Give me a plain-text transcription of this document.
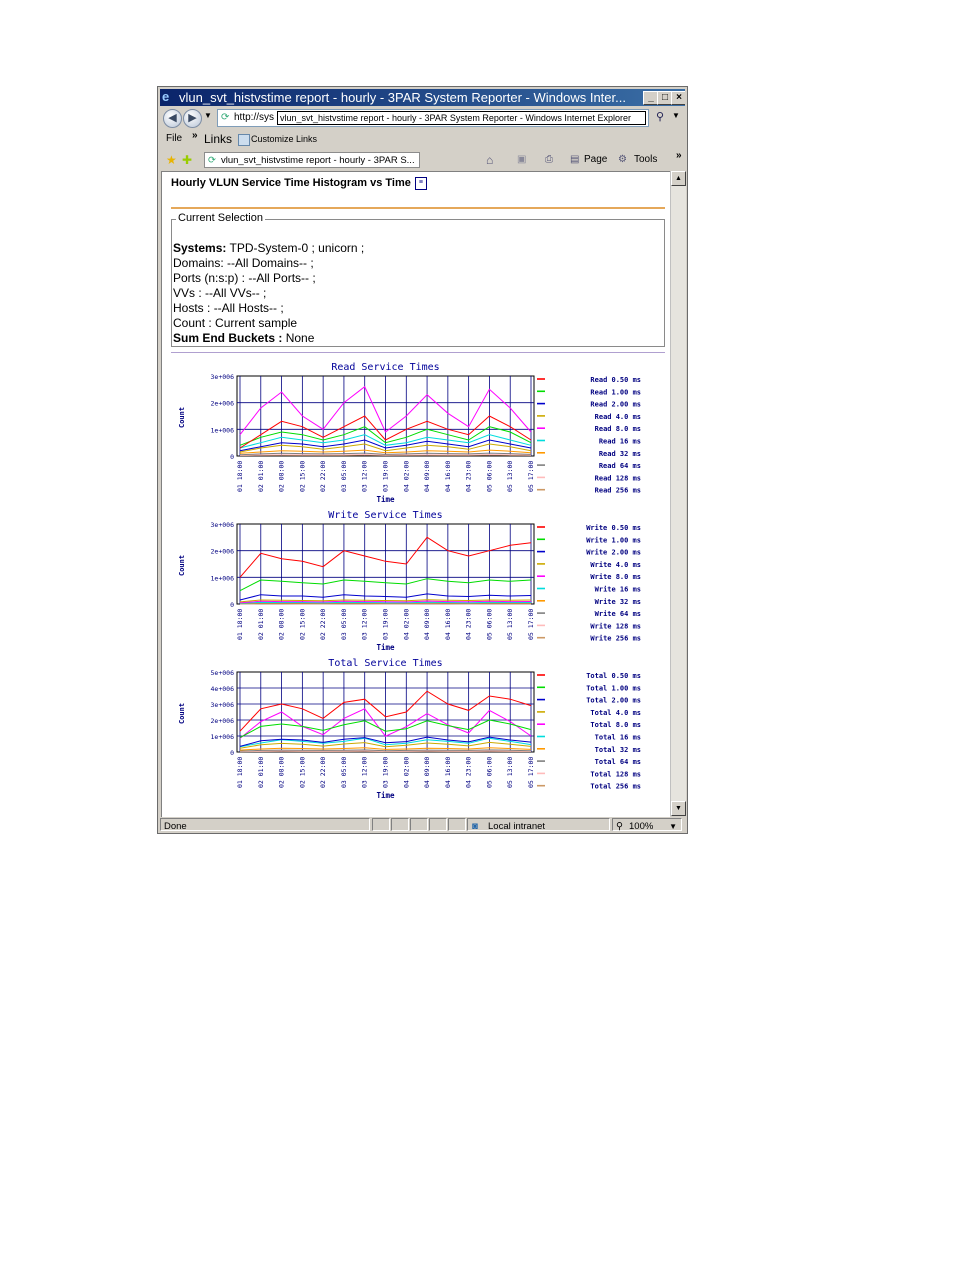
e vlun_svt_histvstime report - hourly - 3PAR System Reporter - Windows Inter...	_ □ ×
◀	▶ ▼ ⟳ http://sys vlun_svt_histvstime report - hourly - 3PAR System Reporter - Windows Internet Explorer	⚲ ▼
File » Links Customize Links
★ ✚ ⟳ vlun_svt_histvstime report - hourly - 3PAR S...	⌂ ▣ ⎙ ▤ Page ⚙ Tools »
Hourly VLUN Service Time Histogram vs Time ≡
Current Selection
Systems: TPD-System-0 ; unicorn ;
Domains: --All Domains-- ;
Ports (n:s:p) : --All Ports-- ;
VVs : --All VVs-- ;
Hosts : --All Hosts-- ;
Count : Current sample
Sum End Buckets : None
Read Service Times
3e+006
2e+006
1e+006
0
01 18:00 02 01:00 02 08:00 02 15:00 02 22:00 03 05:00 03 12:00 03 19:00 04 02:00 04 09:00 04 16:00 04 23:00 05 06:00 05 13:00 05 17:00
Count
Time
Read 0.50 ms
Read 1.00 ms
Read 2.00 ms
Read 4.0 ms
Read 8.0 ms
Read 16 ms
Read 32 ms
Read 64 ms
Read 128 ms
Read 256 ms
Write Service Times
3e+006
2e+006
1e+006
0
01 18:00 02 01:00 02 08:00 02 15:00 02 22:00 03 05:00 03 12:00 03 19:00 04 02:00 04 09:00 04 16:00 04 23:00 05 06:00 05 13:00 05 17:00
Count
Time
Write 0.50 ms
Write 1.00 ms
Write 2.00 ms
Write 4.0 ms
Write 8.0 ms
Write 16 ms
Write 32 ms
Write 64 ms
Write 128 ms
Write 256 ms
Total Service Times
5e+006
4e+006
3e+006
2e+006
1e+006
0
01 18:00 02 01:00 02 08:00 02 15:00 02 22:00 03 05:00 03 12:00 03 19:00 04 02:00 04 09:00 04 16:00 04 23:00 05 06:00 05 13:00 05 17:00
Count
Time
Total 0.50 ms
Total 1.00 ms
Total 2.00 ms
Total 4.0 ms
Total 8.0 ms
Total 16 ms
Total 32 ms
Total 64 ms
Total 128 ms
Total 256 ms
▲
▼
Done	◙ Local intranet	⚲ 100% ▼
